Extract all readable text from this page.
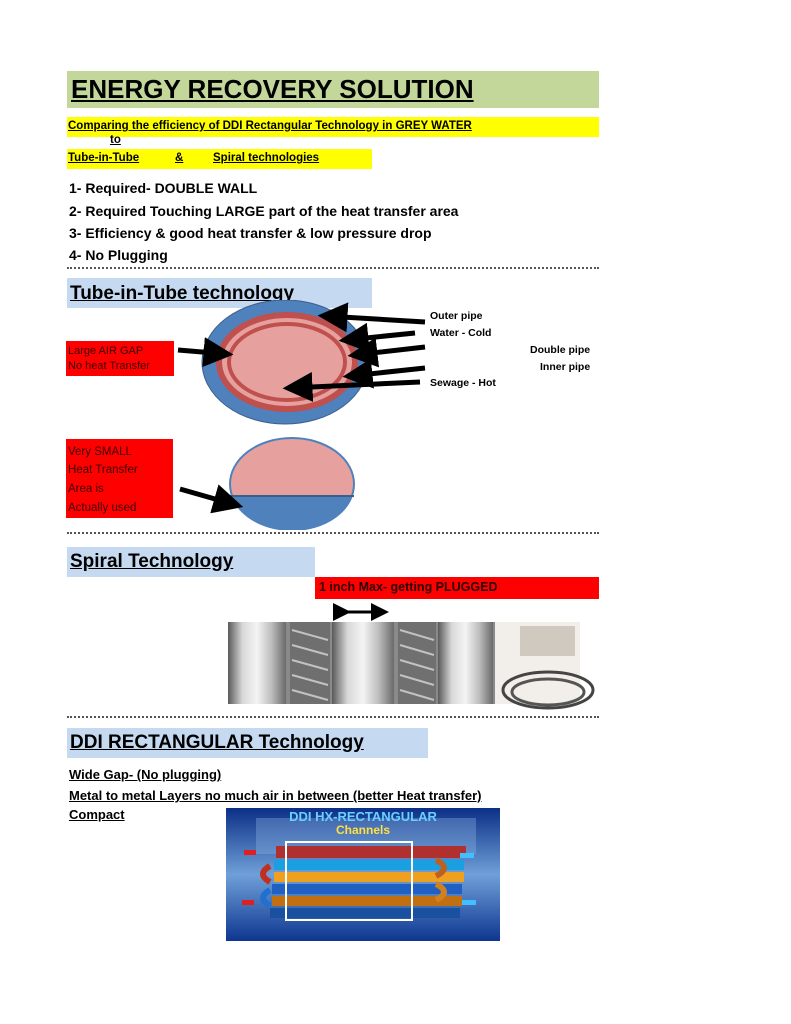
ENERGY RECOVERY SOLUTION
Comparing the efficiency of DDI Rectangular Technology in GREY WATER
to
Tube-in-Tube	&	Spiral technologies
1- Required- DOUBLE WALL
2- Required Touching LARGE part of the heat transfer area
3- Efficiency & good heat transfer & low pressure drop
4- No Plugging
Tube-in-Tube technology
Large AIR GAP
No heat Transfer
Outer pipe
Water - Cold
Double pipe
Inner pipe
Sewage - Hot
Very SMALL
Heat Transfer
Area is
Actually used
Spiral Technology
1 inch Max- getting PLUGGED
DDI RECTANGULAR Technology
Wide Gap- (No plugging)
Metal to metal Layers no much air in between (better Heat transfer)
Compact	DDI HX-RECTANGULAR
Channels
